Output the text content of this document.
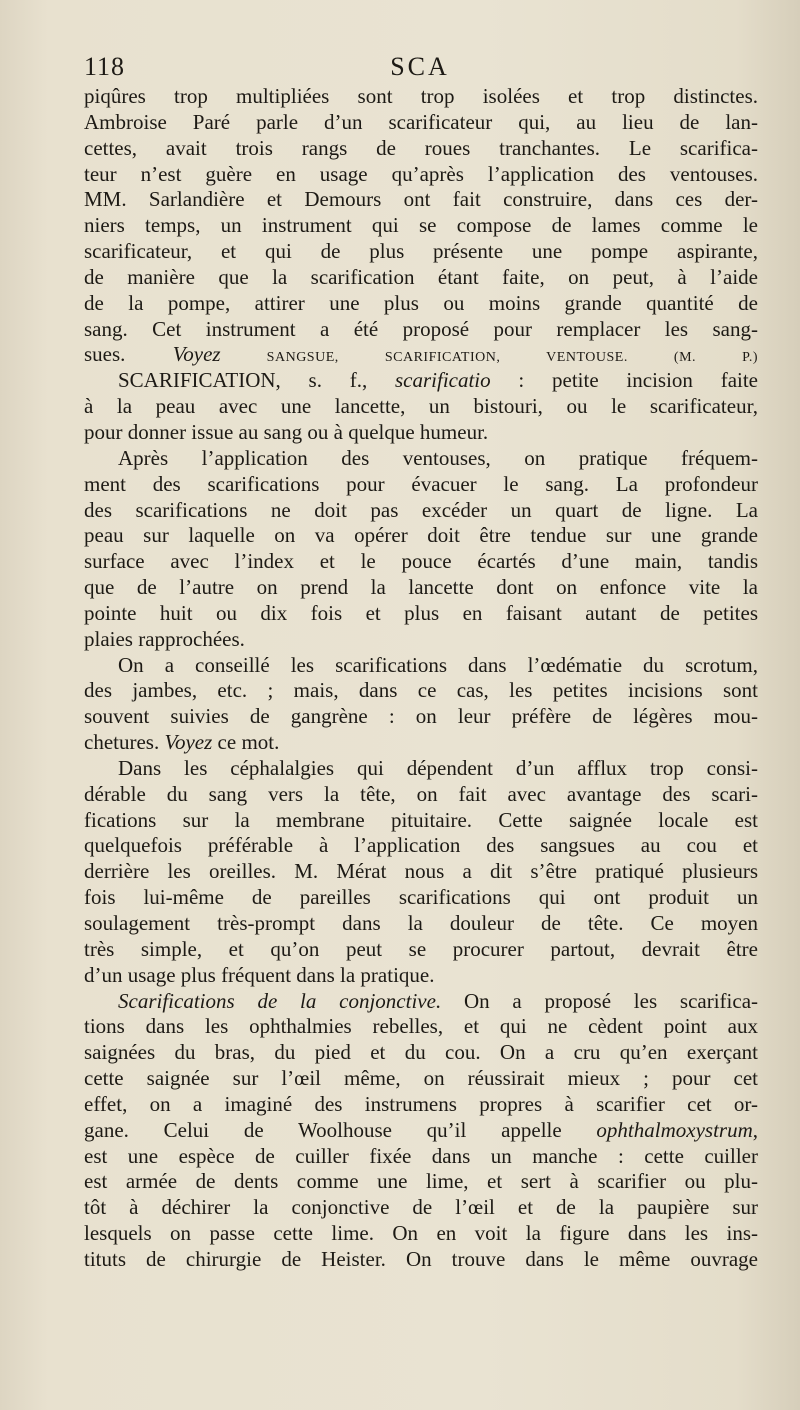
118	SCA
piqûres trop multipliées sont trop isolées et trop distinctes.
Ambroise Paré parle d’un scarificateur qui, au lieu de lan-
cettes, avait trois rangs de roues tranchantes. Le scarifica-
teur n’est guère en usage qu’après l’application des ventouses.
MM. Sarlandière et Demours ont fait construire, dans ces der-
niers temps, un instrument qui se compose de lames comme le
scarificateur, et qui de plus présente une pompe aspirante,
de manière que la scarification étant faite, on peut, à l’aide
de la pompe, attirer une plus ou moins grande quantité de
sang. Cet instrument a été proposé pour remplacer les sang-
sues. Voyez SANGSUE, SCARIFICATION, VENTOUSE. (M. P.)
SCARIFICATION, s. f., scarificatio : petite incision faite
à la peau avec une lancette, un bistouri, ou le scarificateur,
pour donner issue au sang ou à quelque humeur.
Après l’application des ventouses, on pratique fréquem-
ment des scarifications pour évacuer le sang. La profondeur
des scarifications ne doit pas excéder un quart de ligne. La
peau sur laquelle on va opérer doit être tendue sur une grande
surface avec l’index et le pouce écartés d’une main, tandis
que de l’autre on prend la lancette dont on enfonce vite la
pointe huit ou dix fois et plus en faisant autant de petites
plaies rapprochées.
On a conseillé les scarifications dans l’œdématie du scrotum,
des jambes, etc. ; mais, dans ce cas, les petites incisions sont
souvent suivies de gangrène : on leur préfère de légères mou-
chetures. Voyez ce mot.
Dans les céphalalgies qui dépendent d’un afflux trop consi-
dérable du sang vers la tête, on fait avec avantage des scari-
fications sur la membrane pituitaire. Cette saignée locale est
quelquefois préférable à l’application des sangsues au cou et
derrière les oreilles. M. Mérat nous a dit s’être pratiqué plusieurs
fois lui-même de pareilles scarifications qui ont produit un
soulagement très-prompt dans la douleur de tête. Ce moyen
très simple, et qu’on peut se procurer partout, devrait être
d’un usage plus fréquent dans la pratique.
Scarifications de la conjonctive. On a proposé les scarifica-
tions dans les ophthalmies rebelles, et qui ne cèdent point aux
saignées du bras, du pied et du cou. On a cru qu’en exerçant
cette saignée sur l’œil même, on réussirait mieux ; pour cet
effet, on a imaginé des instrumens propres à scarifier cet or-
gane. Celui de Woolhouse qu’il appelle ophthalmoxystrum,
est une espèce de cuiller fixée dans un manche : cette cuiller
est armée de dents comme une lime, et sert à scarifier ou plu-
tôt à déchirer la conjonctive de l’œil et de la paupière sur
lesquels on passe cette lime. On en voit la figure dans les ins-
tituts de chirurgie de Heister. On trouve dans le même ouvrage
